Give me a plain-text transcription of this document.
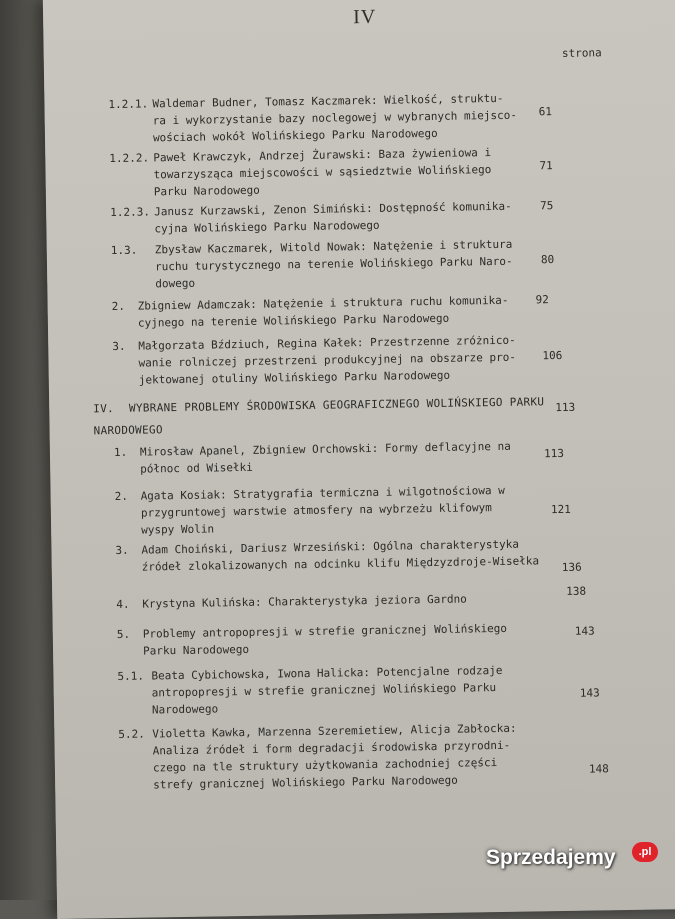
IV
strona
1.2.1. Waldemar Budner, Tomasz Kaczmarek: Wielkość, struktu-
ra i wykorzystanie bazy noclegowej w wybranych miejsco-
wościach wokół Wolińskiego Parku Narodowego
61
1.2.2. Paweł Krawczyk, Andrzej Żurawski: Baza żywieniowa i
towarzysząca miejscowości w sąsiedztwie Wolińskiego
Parku Narodowego
71
1.2.3. Janusz Kurzawski, Zenon Simiński: Dostępność komunika-
cyjna Wolińskiego Parku Narodowego
75
1.3. Zbysław Kaczmarek, Witold Nowak: Natężenie i struktura
ruchu turystycznego na terenie Wolińskiego Parku Naro-
dowego
80
2. Zbigniew Adamczak: Natężenie i struktura ruchu komunika-
cyjnego na terenie Wolińskiego Parku Narodowego
92
3. Małgorzata Bździuch, Regina Kałek: Przestrzenne zróżnico-
wanie rolniczej przestrzeni produkcyjnej na obszarze pro-
jektowanej otuliny Wolińskiego Parku Narodowego
106
IV. WYBRANE PROBLEMY ŚRODOWISKA GEOGRAFICZNEGO WOLIŃSKIEGO PARKU
NARODOWEGO
113
1. Mirosław Apanel, Zbigniew Orchowski: Formy deflacyjne na
północ od Wisełki
113
2. Agata Kosiak: Stratygrafia termiczna i wilgotnościowa w
przygruntowej warstwie atmosfery na wybrzeżu klifowym
wyspy Wolin
121
3. Adam Choiński, Dariusz Wrzesiński: Ogólna charakterystyka
źródeł zlokalizowanych na odcinku klifu Międzyzdroje-Wisełka 136
4. Krystyna Kulińska: Charakterystyka jeziora Gardno
138
5. Problemy antropopresji w strefie granicznej Wolińskiego
Parku Narodowego
143
5.1. Beata Cybichowska, Iwona Halicka: Potencjalne rodzaje
antropopresji w strefie granicznej Wolińskiego Parku
Narodowego
143
5.2. Violetta Kawka, Marzenna Szeremietiew, Alicja Zabłocka:
Analiza źródeł i form degradacji środowiska przyrodni-
czego na tle struktury użytkowania zachodniej części
strefy granicznej Wolińskiego Parku Narodowego
148
Sprzedajemy	.pl
